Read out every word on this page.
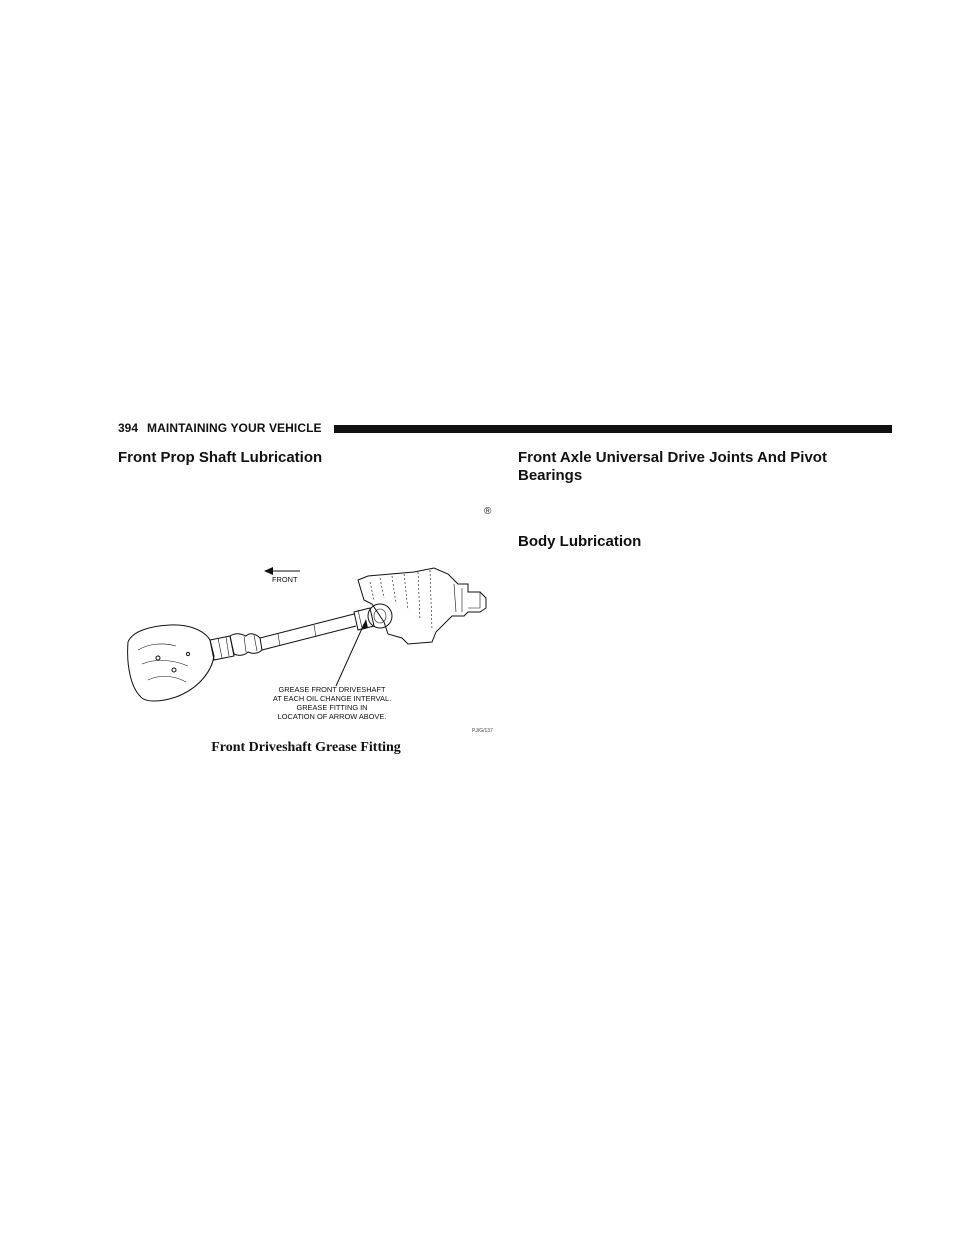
394 MAINTAINING YOUR VEHICLE
Front Prop Shaft Lubrication
®
Front Axle Universal Drive Joints And Pivot Bearings
Body Lubrication
FRONT
GREASE FRONT DRIVESHAFT
AT EACH OIL CHANGE INTERVAL.
GREASE FITTING IN
LOCATION OF ARROW ABOVE.
PJ/G/137
Front Driveshaft Grease Fitting
